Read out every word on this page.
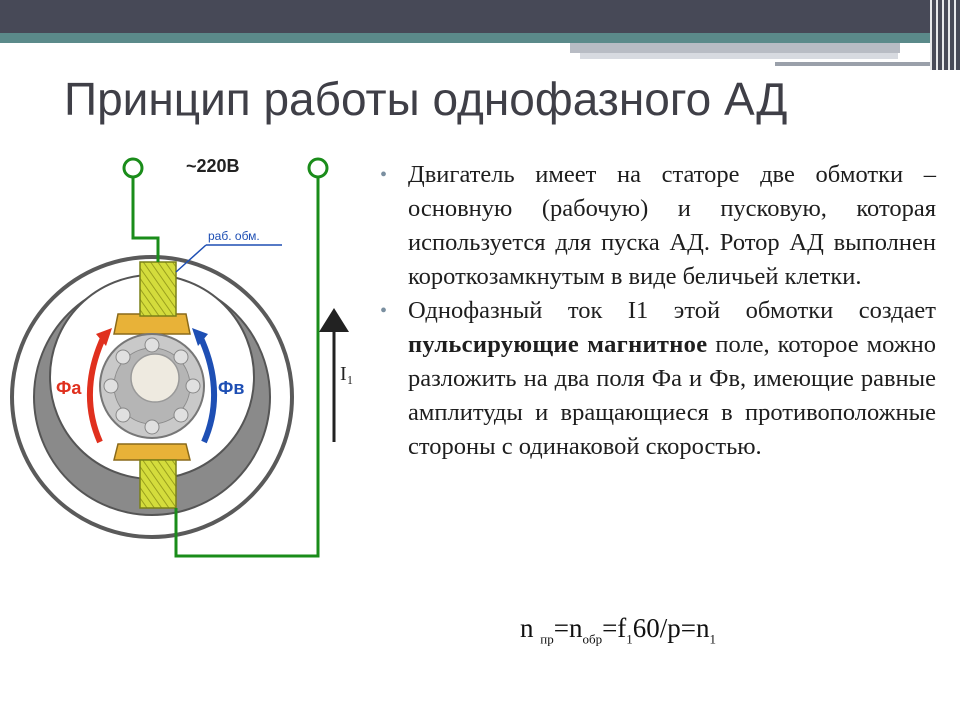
Принцип работы однофазного АД
Фа	Фв
~220В
раб. обм.
I₁
• Двигатель имеет на статоре две обмотки – основную (рабочую) и пусковую, которая используется для пуска АД. Ротор АД выполнен короткозамкнутым в виде беличьей клетки.
• Однофазный ток I1 этой обмотки создает пульсирующие магнитное поле, которое можно разложить на два поля Фа и Фв, имеющие равные амплитуды и вращающиеся в противоположные стороны с одинаковой скоростью.
n $_{пр}=n_{обр}=f_160/p=n_1$
